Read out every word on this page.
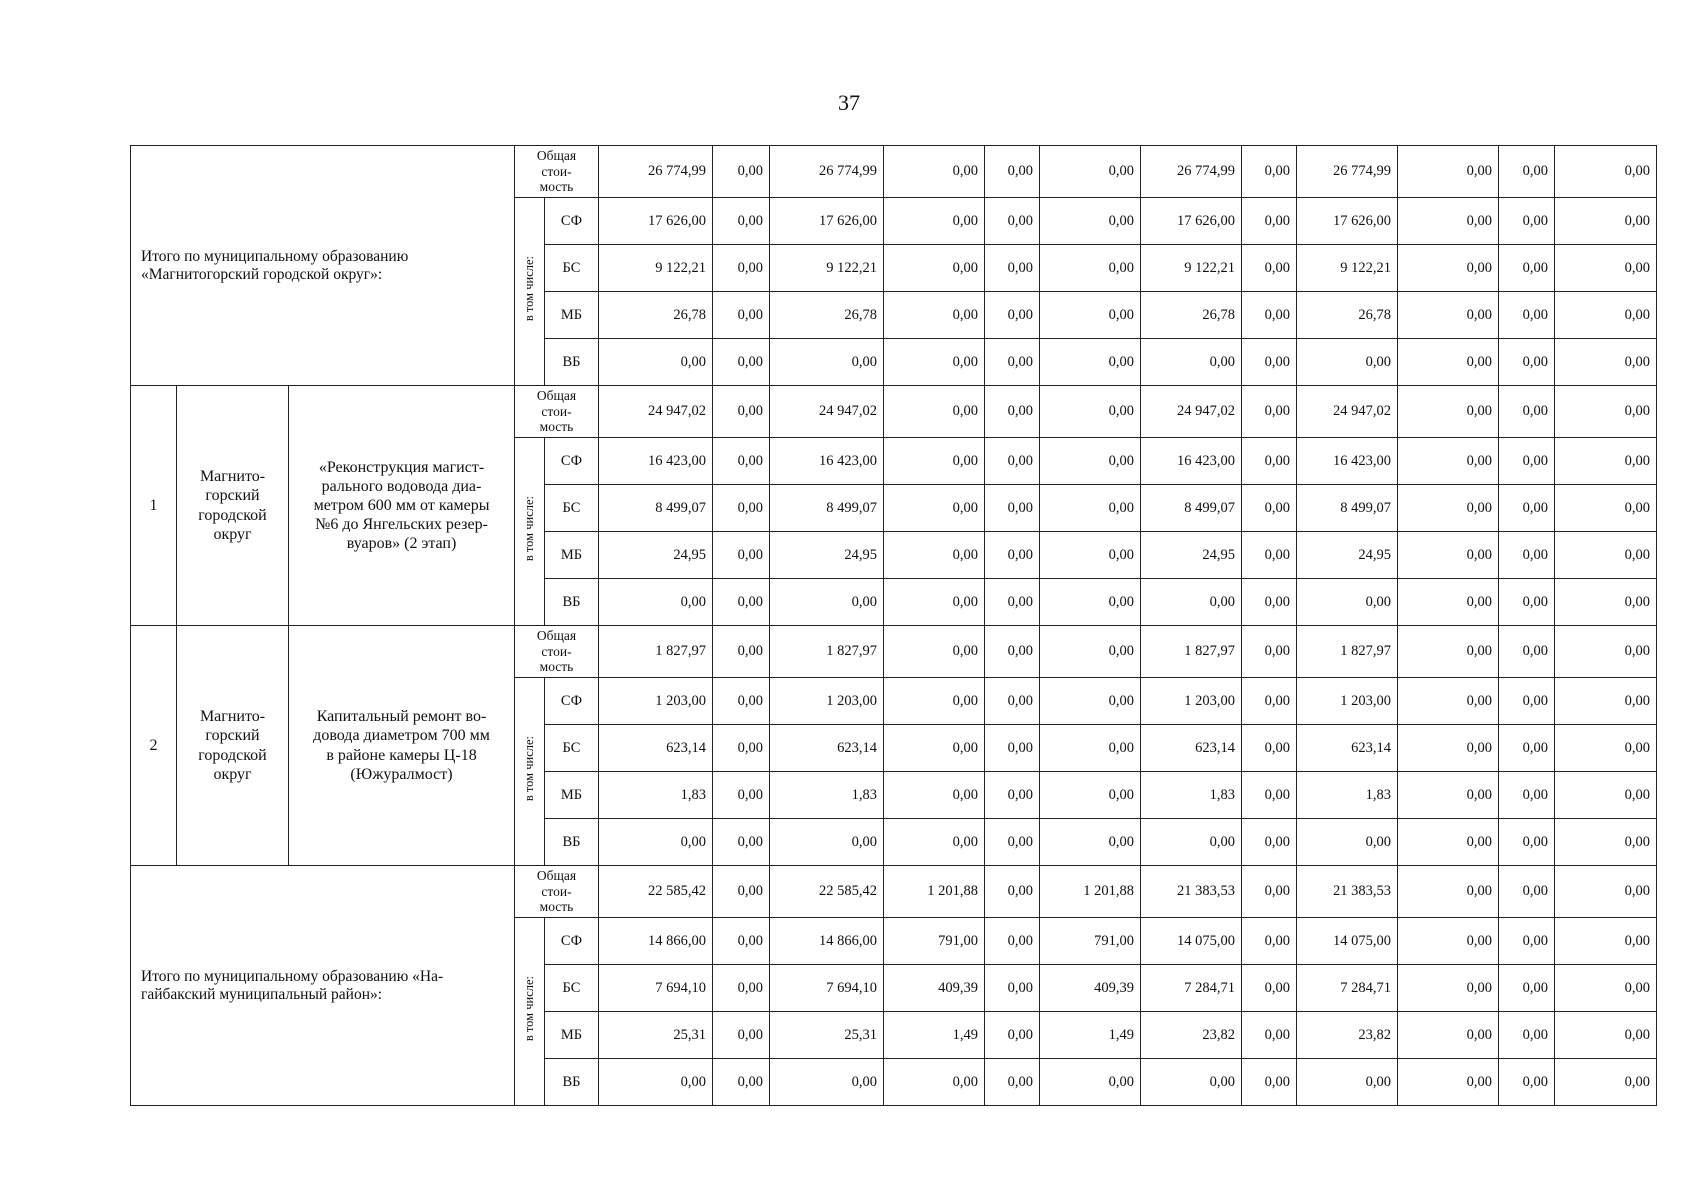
37
Итого по муниципальному образованию
«Магнитогорский городской округ»:			Общая
стои-
мость		26 774,99	0,00	26 774,99	0,00	0,00	0,00	26 774,99	0,00	26 774,99	0,00	0,00	0,00
			в том числе:	СФ	17 626,00	0,00	17 626,00	0,00	0,00	0,00	17 626,00	0,00	17 626,00	0,00	0,00	0,00
				БС	9 122,21	0,00	9 122,21	0,00	0,00	0,00	9 122,21	0,00	9 122,21	0,00	0,00	0,00
				МБ	26,78	0,00	26,78	0,00	0,00	0,00	26,78	0,00	26,78	0,00	0,00	0,00
				ВБ	0,00	0,00	0,00	0,00	0,00	0,00	0,00	0,00	0,00	0,00	0,00	0,00
1	Магнито-
горский
городской
округ	«Реконструкция магист-
рального водовода диа-
метром 600 мм от камеры
№6 до Янгельских резер-
вуаров» (2 этап)	Общая
стои-
мость		24 947,02	0,00	24 947,02	0,00	0,00	0,00	24 947,02	0,00	24 947,02	0,00	0,00	0,00
			в том числе:	СФ	16 423,00	0,00	16 423,00	0,00	0,00	0,00	16 423,00	0,00	16 423,00	0,00	0,00	0,00
				БС	8 499,07	0,00	8 499,07	0,00	0,00	0,00	8 499,07	0,00	8 499,07	0,00	0,00	0,00
				МБ	24,95	0,00	24,95	0,00	0,00	0,00	24,95	0,00	24,95	0,00	0,00	0,00
				ВБ	0,00	0,00	0,00	0,00	0,00	0,00	0,00	0,00	0,00	0,00	0,00	0,00
2	Магнито-
горский
городской
округ	Капитальный ремонт во-
довода диаметром 700 мм
в районе камеры Ц-18
(Южуралмост)	Общая
стои-
мость		1 827,97	0,00	1 827,97	0,00	0,00	0,00	1 827,97	0,00	1 827,97	0,00	0,00	0,00
			в том числе:	СФ	1 203,00	0,00	1 203,00	0,00	0,00	0,00	1 203,00	0,00	1 203,00	0,00	0,00	0,00
				БС	623,14	0,00	623,14	0,00	0,00	0,00	623,14	0,00	623,14	0,00	0,00	0,00
				МБ	1,83	0,00	1,83	0,00	0,00	0,00	1,83	0,00	1,83	0,00	0,00	0,00
				ВБ	0,00	0,00	0,00	0,00	0,00	0,00	0,00	0,00	0,00	0,00	0,00	0,00
Итого по муниципальному образованию «На-
гайбакский муниципальный район»:			Общая
стои-
мость		22 585,42	0,00	22 585,42	1 201,88	0,00	1 201,88	21 383,53	0,00	21 383,53	0,00	0,00	0,00
			в том числе:	СФ	14 866,00	0,00	14 866,00	791,00	0,00	791,00	14 075,00	0,00	14 075,00	0,00	0,00	0,00
				БС	7 694,10	0,00	7 694,10	409,39	0,00	409,39	7 284,71	0,00	7 284,71	0,00	0,00	0,00
				МБ	25,31	0,00	25,31	1,49	0,00	1,49	23,82	0,00	23,82	0,00	0,00	0,00
				ВБ	0,00	0,00	0,00	0,00	0,00	0,00	0,00	0,00	0,00	0,00	0,00	0,00
